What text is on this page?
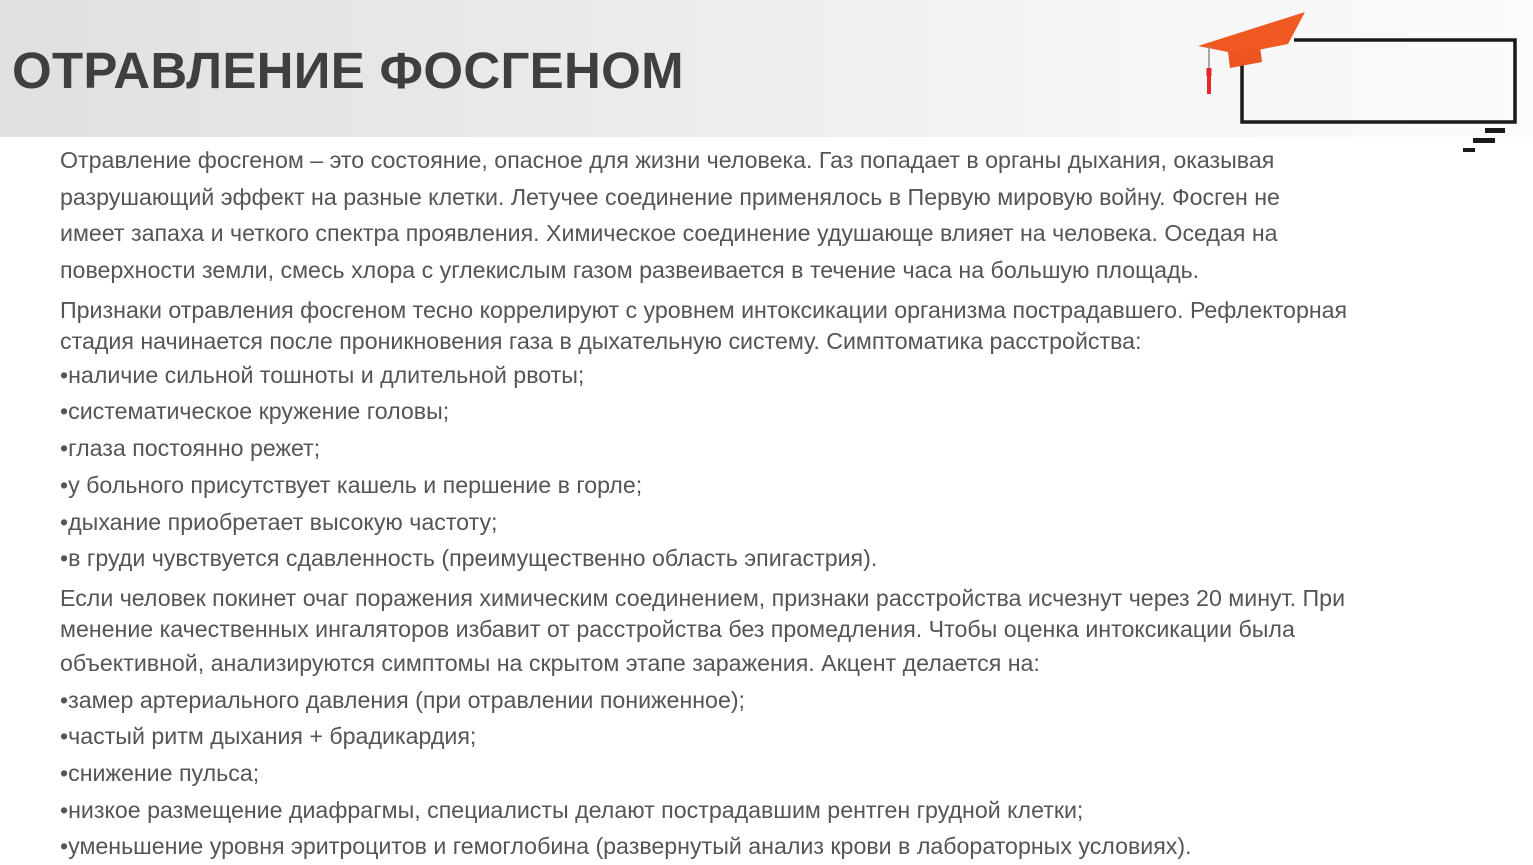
ОТРАВЛЕНИЕ ФОСГЕНОМ
Отравление фосгеном – это состояние, опасное для жизни человека. Газ попадает в органы дыхания, оказывая
разрушающий эффект на разные клетки. Летучее соединение применялось в Первую мировую войну. Фосген не
имеет запаха и четкого спектра проявления. Химическое соединение удушающе влияет на человека. Оседая на
поверхности земли, смесь хлора с углекислым газом развеивается в течение часа на большую площадь.
Признаки отравления фосгеном тесно коррелируют с уровнем интоксикации организма пострадавшего. Рефлекторная
стадия начинается после проникновения газа в дыхательную систему. Симптоматика расстройства:
•наличие сильной тошноты и длительной рвоты;
•систематическое кружение головы;
•глаза постоянно режет;
•у больного присутствует кашель и першение в горле;
•дыхание приобретает высокую частоту;
•в груди чувствуется сдавленность (преимущественно область эпигастрия).
Если человек покинет очаг поражения химическим соединением, признаки расстройства исчезнут через 20 минут. При
менение качественных ингаляторов избавит от расстройства без промедления. Чтобы оценка интоксикации была
объективной, анализируются симптомы на скрытом этапе заражения. Акцент делается на:
•замер артериального давления (при отравлении пониженное);
•частый ритм дыхания + брадикардия;
•снижение пульса;
•низкое размещение диафрагмы, специалисты делают пострадавшим рентген грудной клетки;
•уменьшение уровня эритроцитов и гемоглобина (развернутый анализ крови в лабораторных условиях).
